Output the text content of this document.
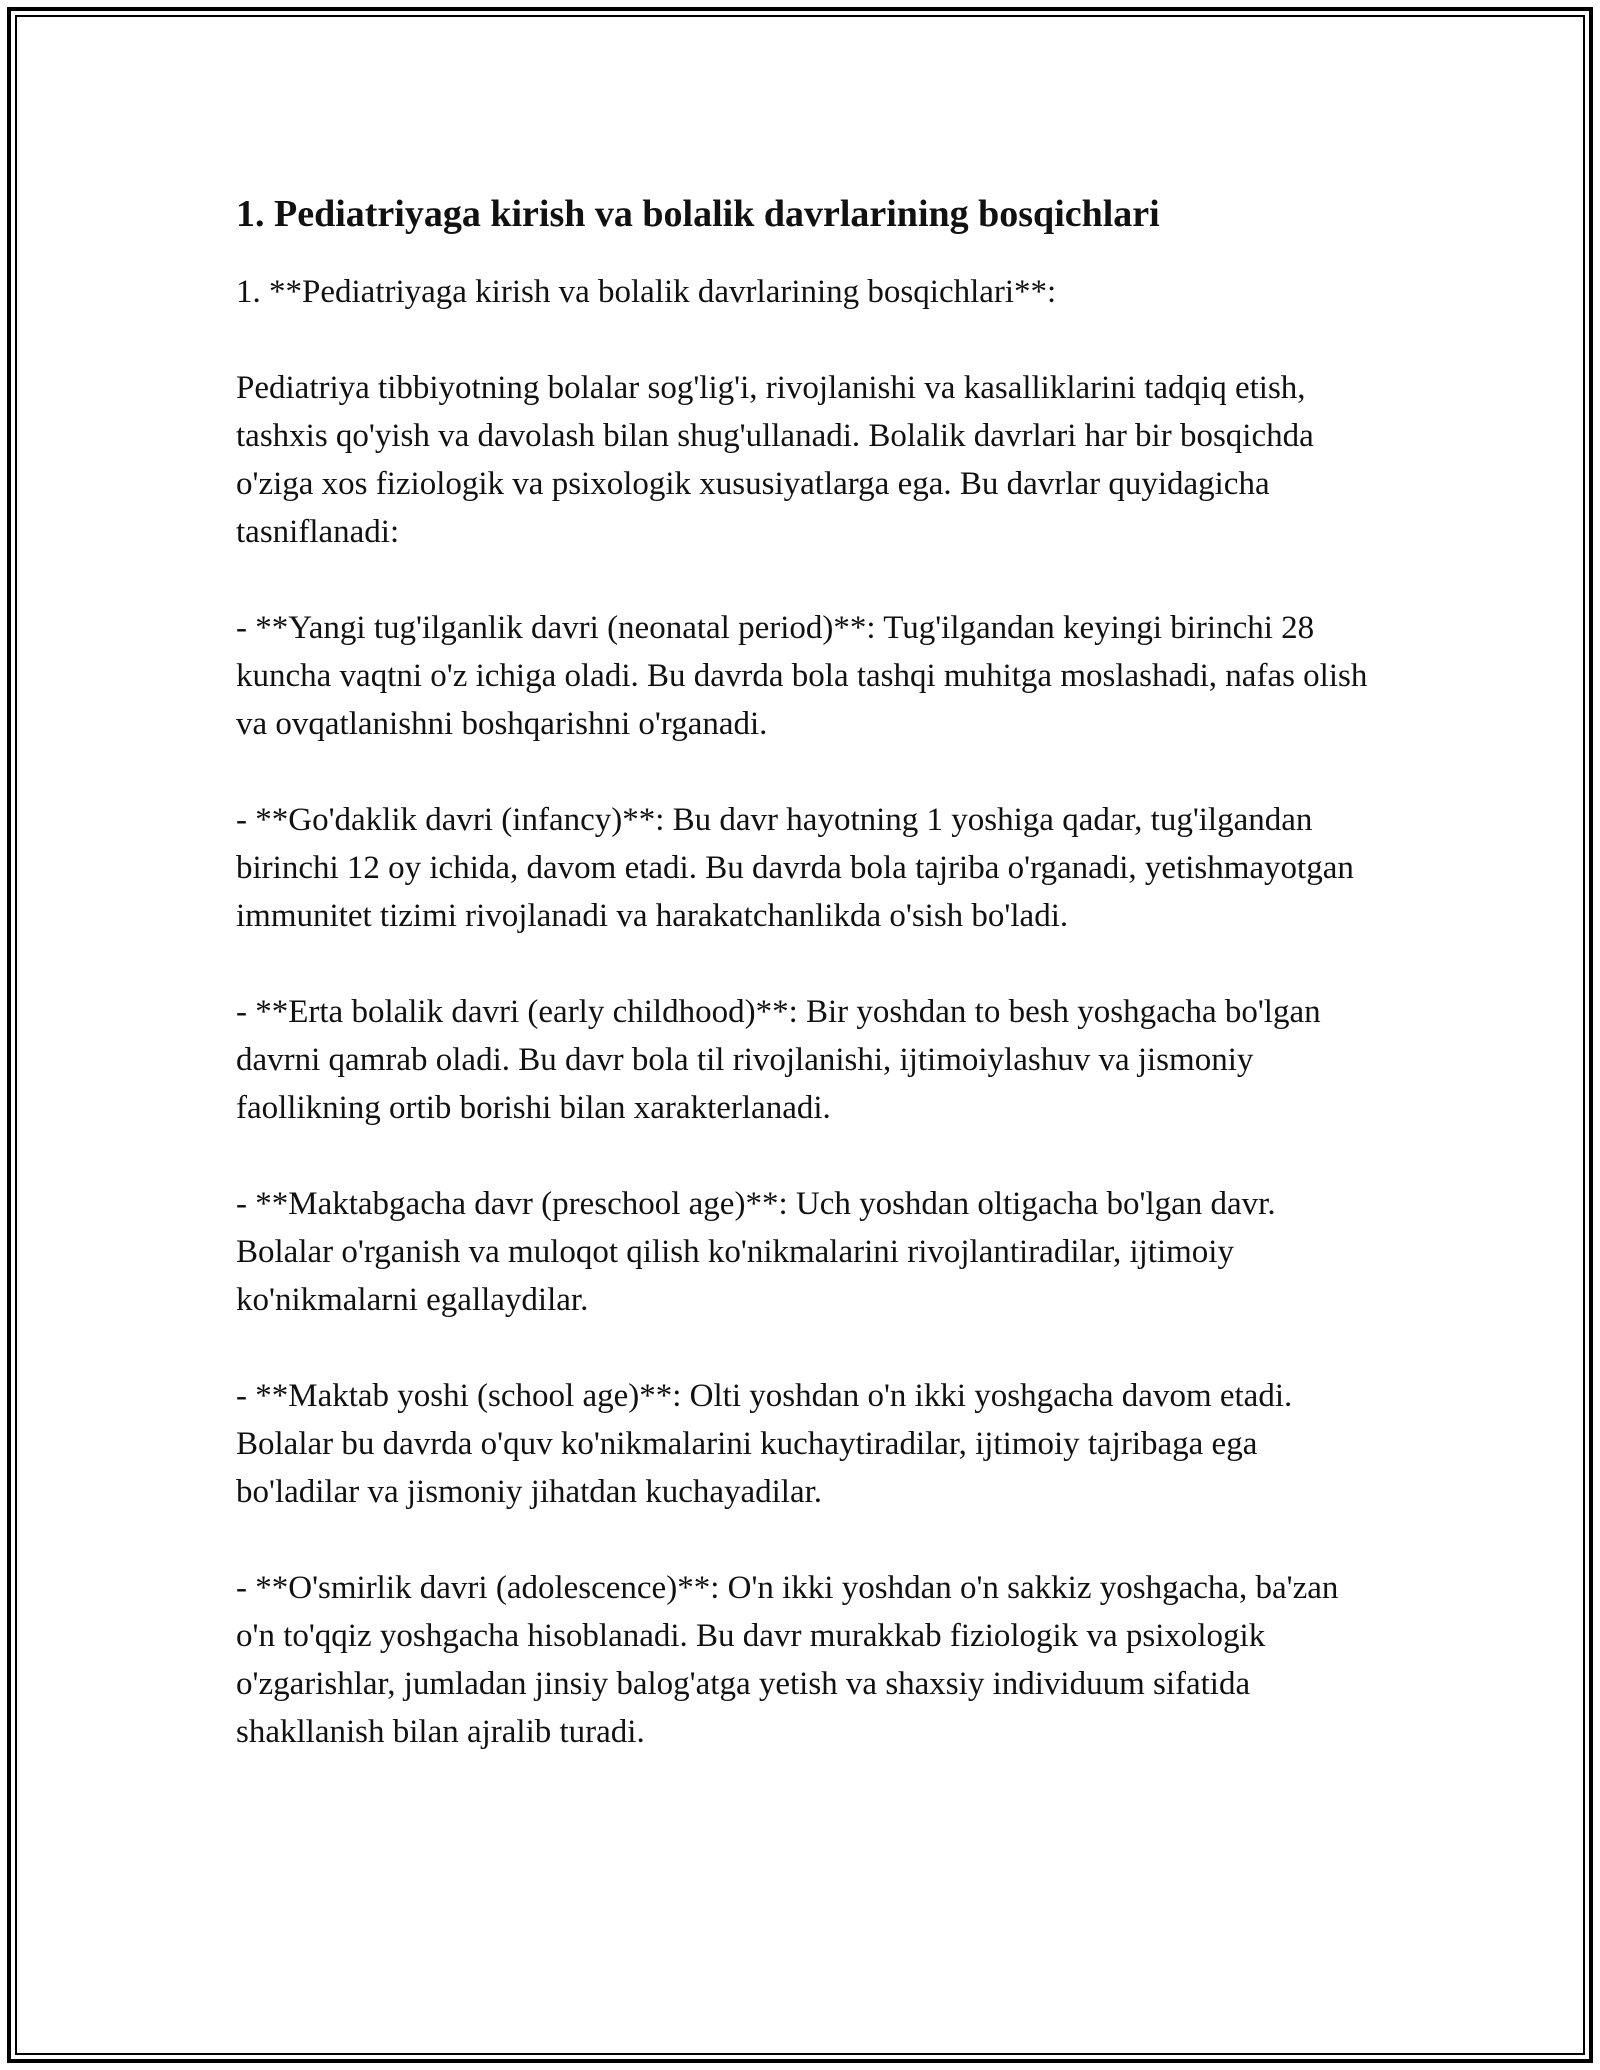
1. Pediatriyaga kirish va bolalik davrlarining bosqichlari

1. **Pediatriyaga kirish va bolalik davrlarining bosqichlari**:

Pediatriya tibbiyotning bolalar sog'lig'i, rivojlanishi va kasalliklarini tadqiq etish, tashxis qo'yish va davolash bilan shug'ullanadi. Bolalik davrlari har bir bosqichda o'ziga xos fiziologik va psixologik xususiyatlarga ega. Bu davrlar quyidagicha tasniflanadi:

- **Yangi tug'ilganlik davri (neonatal period)**: Tug'ilgandan keyingi birinchi 28 kuncha vaqtni o'z ichiga oladi. Bu davrda bola tashqi muhitga moslashadi, nafas olish va ovqatlanishni boshqarishni o'rganadi.

- **Go'daklik davri (infancy)**: Bu davr hayotning 1 yoshiga qadar, tug'ilgandan birinchi 12 oy ichida, davom etadi. Bu davrda bola tajriba o'rganadi, yetishmayotgan immunitet tizimi rivojlanadi va harakatchanlikda o'sish bo'ladi.

- **Erta bolalik davri (early childhood)**: Bir yoshdan to besh yoshgacha bo'lgan davrni qamrab oladi. Bu davr bola til rivojlanishi, ijtimoiylashuv va jismoniy faollikning ortib borishi bilan xarakterlanadi.

- **Maktabgacha davr (preschool age)**: Uch yoshdan oltigacha bo'lgan davr. Bolalar o'rganish va muloqot qilish ko'nikmalarini rivojlantiradilar, ijtimoiy ko'nikmalarni egallaydilar.

- **Maktab yoshi (school age)**: Olti yoshdan o'n ikki yoshgacha davom etadi. Bolalar bu davrda o'quv ko'nikmalarini kuchaytiradilar, ijtimoiy tajribaga ega bo'ladilar va jismoniy jihatdan kuchayadilar.

- **O'smirlik davri (adolescence)**: O'n ikki yoshdan o'n sakkiz yoshgacha, ba'zan o'n to'qqiz yoshgacha hisoblanadi. Bu davr murakkab fiziologik va psixologik o'zgarishlar, jumladan jinsiy balog'atga yetish va shaxsiy individuum sifatida shakllanish bilan ajralib turadi.
